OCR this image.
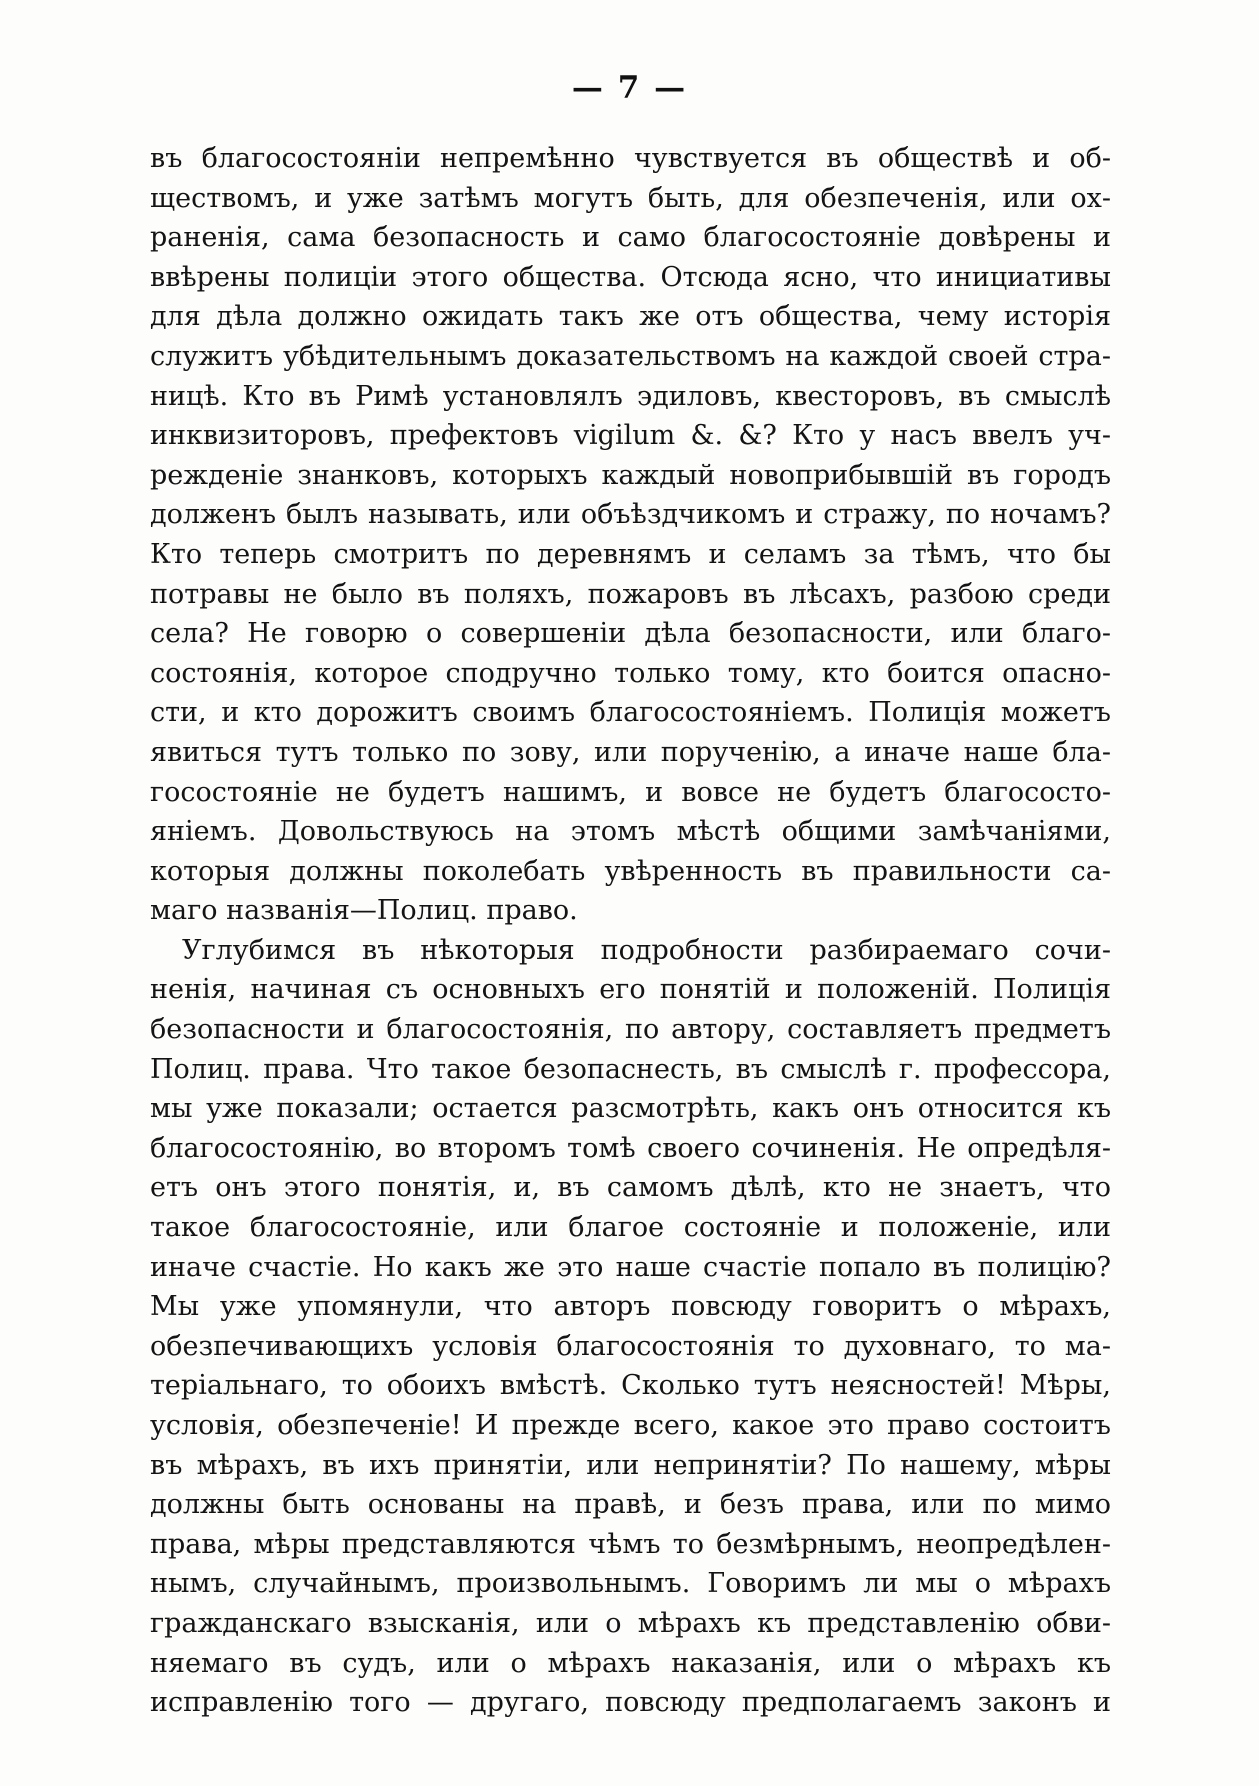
— 7 —
въ благосостояніи непремѣнно чувствуется въ обществѣ и об-
ществомъ, и уже затѣмъ могутъ быть, для обезпеченія, или ох-
раненія, сама безопасность и само благосостояніе довѣрены и
ввѣрены полиціи этого общества. Отсюда ясно, что инициативы
для дѣла должно ожидать такъ же отъ общества, чему исторія
служитъ убѣдительнымъ доказательствомъ на каждой своей стра-
ницѣ. Кто въ Римѣ установлялъ эдиловъ, квесторовъ, въ смыслѣ
инквизиторовъ, префектовъ vigilum &. &? Кто у насъ ввелъ уч-
режденіе знанковъ, которыхъ каждый новоприбывшій въ городъ
долженъ былъ называть, или объѣздчикомъ и стражу, по ночамъ?
Кто теперь смотритъ по деревнямъ и селамъ за тѣмъ, что бы
потравы не было въ поляхъ, пожаровъ въ лѣсахъ, разбою среди
села? Не говорю о совершеніи дѣла безопасности, или благо-
состоянія, которое сподручно только тому, кто боится опасно-
сти, и кто дорожитъ своимъ благосостояніемъ. Полиція можетъ
явиться тутъ только по зову, или порученію, а иначе наше бла-
госостояніе не будетъ нашимъ, и вовсе не будетъ благососто-
яніемъ. Довольствуюсь на этомъ мѣстѣ общими замѣчаніями,
которыя должны поколебать увѣренность въ правильности са-
маго названія—Полиц. право.
Углубимся въ нѣкоторыя подробности разбираемаго сочи-
ненія, начиная съ основныхъ его понятій и положеній. Полиція
безопасности и благосостоянія, по автору, составляетъ предметъ
Полиц. права. Что такое безопаснесть, въ смыслѣ г. профессора,
мы уже показали; остается разсмотрѣть, какъ онъ относится къ
благосостоянію, во второмъ томѣ своего сочиненія. Не опредѣля-
етъ онъ этого понятія, и, въ самомъ дѣлѣ, кто не знаетъ, что
такое благосостояніе, или благое состояніе и положеніе, или
иначе счастіе. Но какъ же это наше счастіе попало въ полицію?
Мы уже упомянули, что авторъ повсюду говоритъ о мѣрахъ,
обезпечивающихъ условія благосостоянія то духовнаго, то ма-
теріальнаго, то обоихъ вмѣстѣ. Сколько тутъ неясностей! Мѣры,
условія, обезпеченіе! И прежде всего, какое это право состоитъ
въ мѣрахъ, въ ихъ принятіи, или непринятіи? По нашему, мѣры
должны быть основаны на правѣ, и безъ права, или по мимо
права, мѣры представляются чѣмъ то безмѣрнымъ, неопредѣлен-
нымъ, случайнымъ, произвольнымъ. Говоримъ ли мы о мѣрахъ
гражданскаго взысканія, или о мѣрахъ къ представленію обви-
няемаго въ судъ, или о мѣрахъ наказанія, или о мѣрахъ къ
исправленію того — другаго, повсюду предполагаемъ законъ и
